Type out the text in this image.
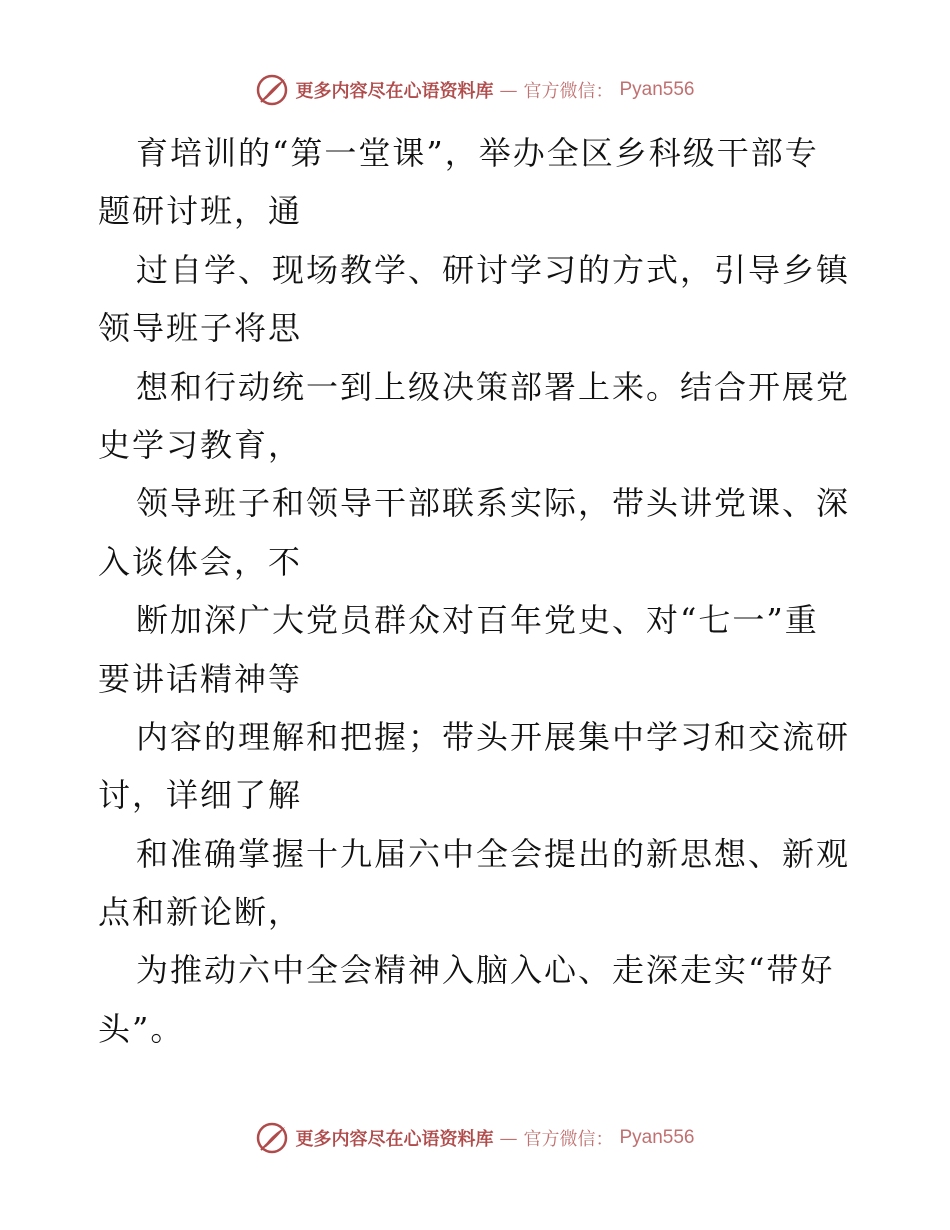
更多内容尽在心语资料库 — 官方微信： Pyan556
育培训的“第一堂课”，举办全区乡科级干部专
题研讨班，通
过自学、现场教学、研讨学习的方式，引导乡镇
领导班子将思
想和行动统一到上级决策部署上来。结合开展党
史学习教育，
领导班子和领导干部联系实际，带头讲党课、深
入谈体会，不
断加深广大党员群众对百年党史、对“七一”重
要讲话精神等
内容的理解和把握；带头开展集中学习和交流研
讨，详细了解
和准确掌握十九届六中全会提出的新思想、新观
点和新论断，
为推动六中全会精神入脑入心、走深走实“带好
头”。
更多内容尽在心语资料库 — 官方微信： Pyan556
